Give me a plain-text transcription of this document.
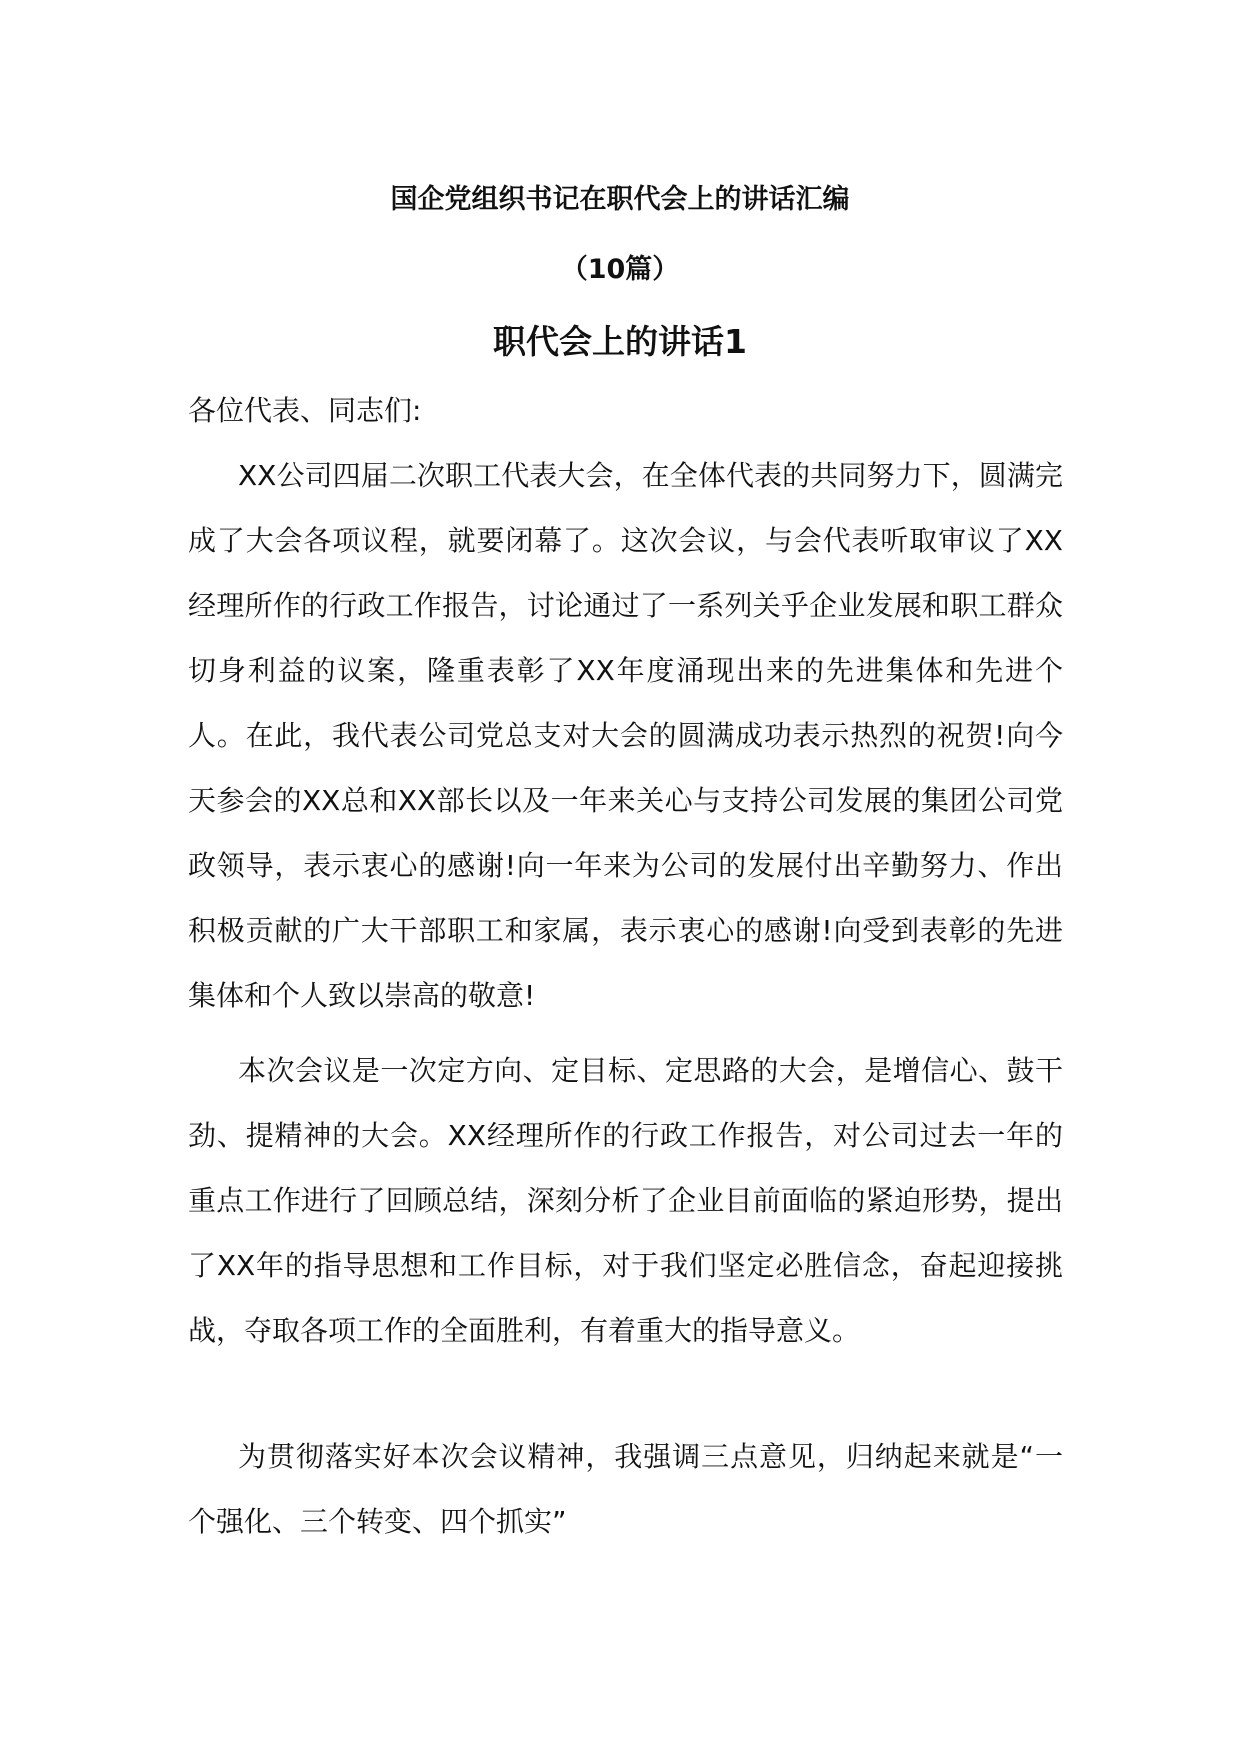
国企党组织书记在职代会上的讲话汇编
（10篇）
职代会上的讲话1

各位代表、同志们:

XX公司四届二次职工代表大会，在全体代表的共同努力下，圆满完成了大会各项议程，就要闭幕了。这次会议，与会代表听取审议了XX经理所作的行政工作报告，讨论通过了一系列关乎企业发展和职工群众切身利益的议案，隆重表彰了XX年度涌现出来的先进集体和先进个人。在此，我代表公司党总支对大会的圆满成功表示热烈的祝贺!向今天参会的XX总和XX部长以及一年来关心与支持公司发展的集团公司党政领导，表示衷心的感谢!向一年来为公司的发展付出辛勤努力、作出积极贡献的广大干部职工和家属，表示衷心的感谢!向受到表彰的先进集体和个人致以崇高的敬意!

本次会议是一次定方向、定目标、定思路的大会，是增信心、鼓干劲、提精神的大会。XX经理所作的行政工作报告，对公司过去一年的重点工作进行了回顾总结，深刻分析了企业目前面临的紧迫形势，提出了XX年的指导思想和工作目标，对于我们坚定必胜信念，奋起迎接挑战，夺取各项工作的全面胜利，有着重大的指导意义。

为贯彻落实好本次会议精神，我强调三点意见，归纳起来就是“一个强化、三个转变、四个抓实”
